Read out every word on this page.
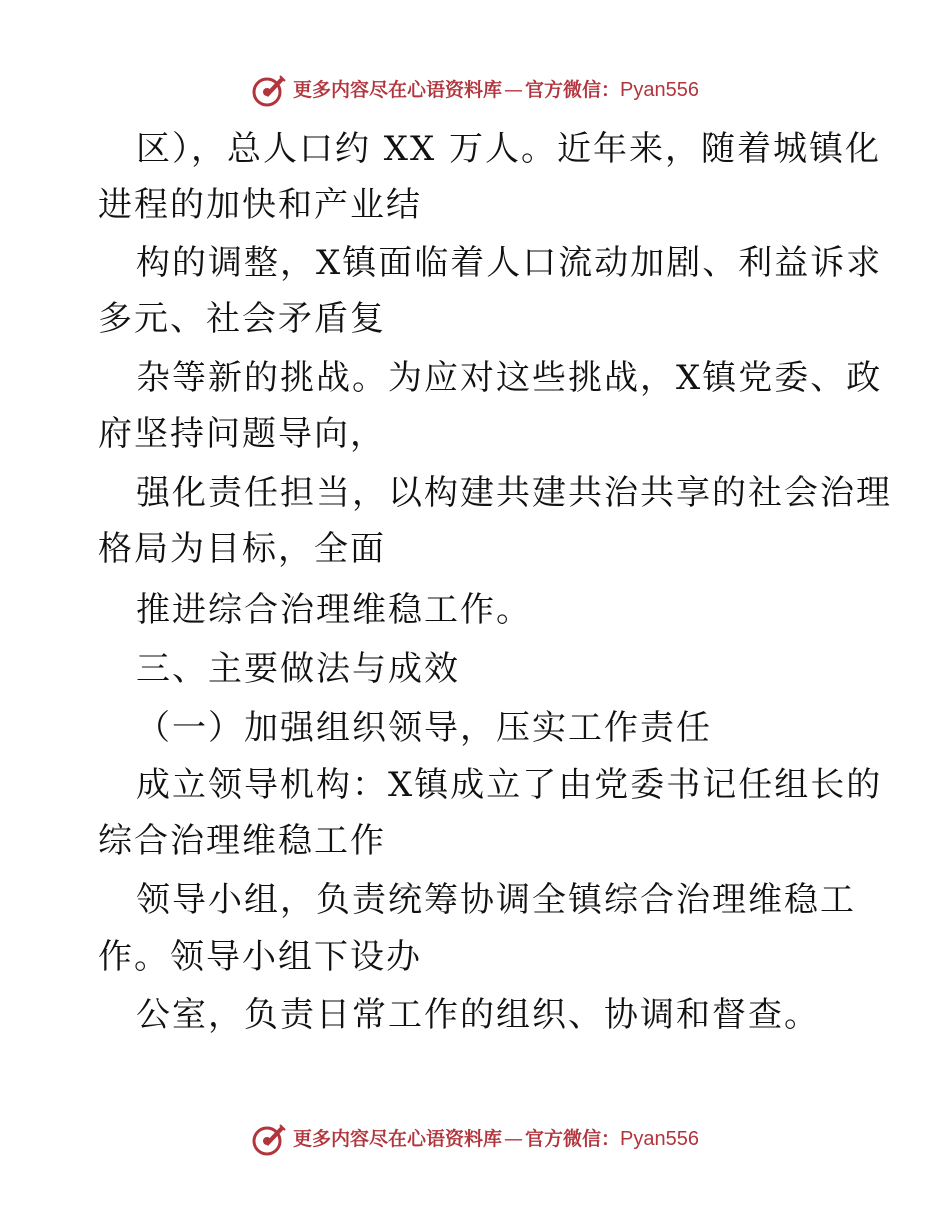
更多内容尽在心语资料库 — 官方微信： Pyan556
区），总人口约 XX 万人。近年来，随着城镇化
进程的加快和产业结
构的调整，X镇面临着人口流动加剧、利益诉求
多元、社会矛盾复
杂等新的挑战。为应对这些挑战，X镇党委、政
府坚持问题导向，
强化责任担当，以构建共建共治共享的社会治理
格局为目标，全面
推进综合治理维稳工作。
三、主要做法与成效
（一）加强组织领导，压实工作责任
成立领导机构：X镇成立了由党委书记任组长的
综合治理维稳工作
领导小组，负责统筹协调全镇综合治理维稳工
作。领导小组下设办
公室，负责日常工作的组织、协调和督查。
更多内容尽在心语资料库 — 官方微信： Pyan556
